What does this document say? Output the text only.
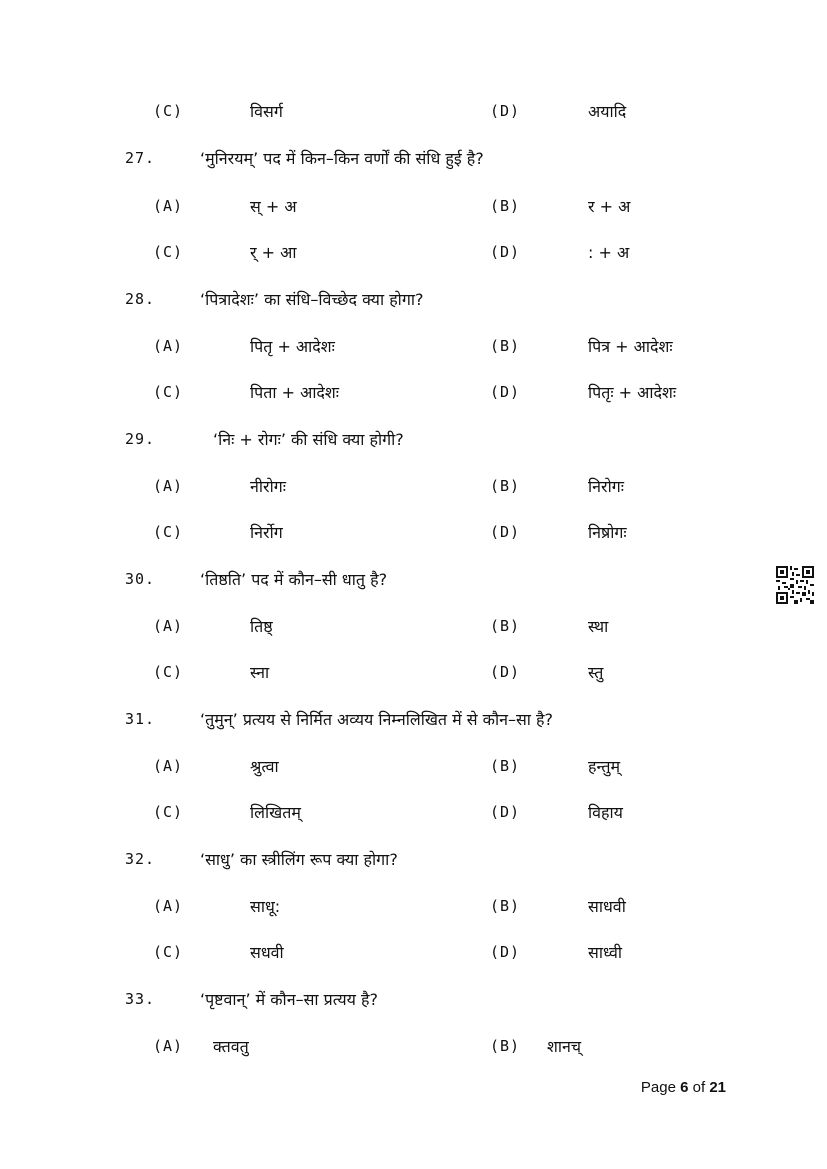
(C)	विसर्ग	(D)	अयादि
27.	‘मुनिरयम्’ पद में किन–किन वर्णों की संधि हुई है?
(A)	स् + अ	(B)	र + अ
(C)	र् + आ	(D)	: + अ
28.	‘पित्रादेशः’ का संधि–विच्छेद क्या होगा?
(A)	पितृ + आदेशः	(B)	पित्र + आदेशः
(C)	पिता + आदेशः	(D)	पितृः + आदेशः
29.	‘निः + रोगः’ की संधि क्या होगी?
(A)	नीरोगः	(B)	निरोगः
(C)	निर्रोग	(D)	निष्रोगः
30.	‘तिष्ठति’ पद में कौन–सी धातु है?
(A)	तिष्ठ्	(B)	स्था
(C)	स्ना	(D)	स्तु
31.	‘तुमुन्’ प्रत्यय से निर्मित अव्यय निम्नलिखित में से कौन–सा है?
(A)	श्रुत्वा	(B)	हन्तुम्
(C)	लिखितम्	(D)	विहाय
32.	‘साधु’ का स्त्रीलिंग रूप क्या होगा?
(A)	साधू:	(B)	साधवी
(C)	सधवी	(D)	साध्वी
33.	‘पृष्टवान्’ में कौन–सा प्रत्यय है?
(A) क्तवतु	(B) शानच्
Page 6 of 21
